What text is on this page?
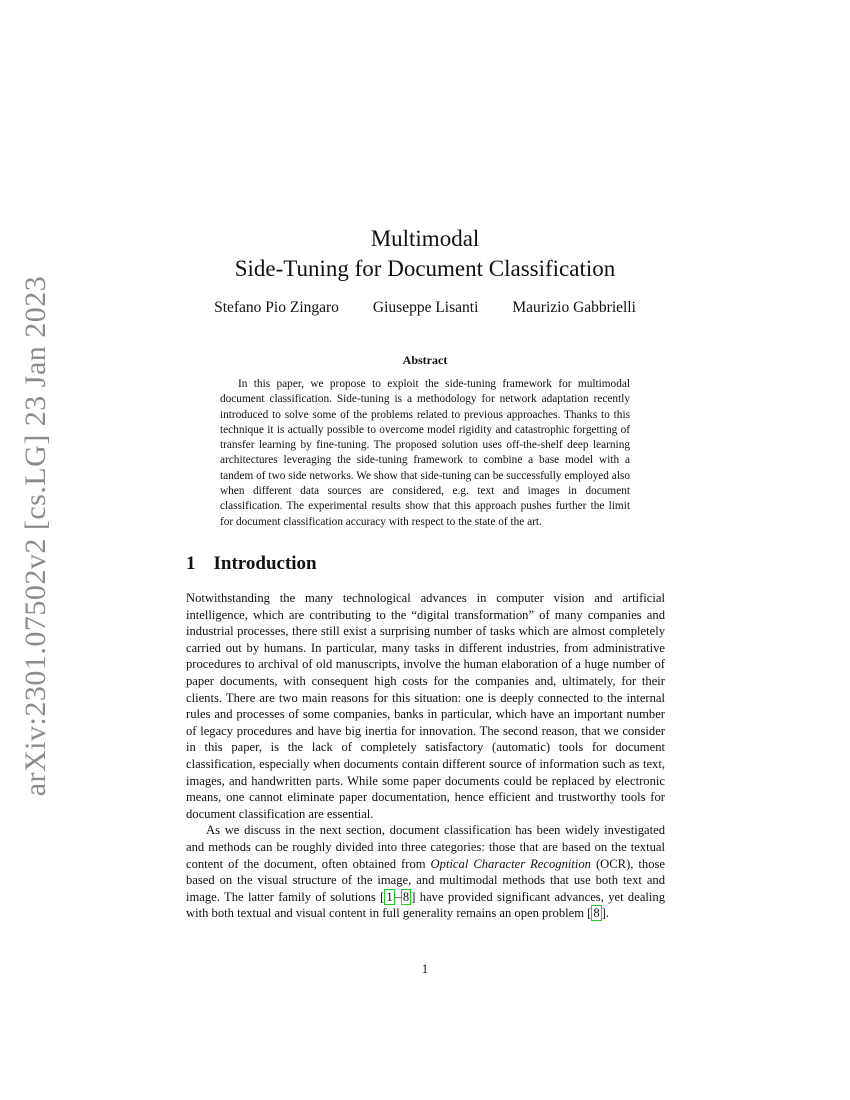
arXiv:2301.07502v2 [cs.LG] 23 Jan 2023
Multimodal
Side-Tuning for Document Classification
Stefano Pio Zingaro Giuseppe Lisanti Maurizio Gabbrielli
Abstract

In this paper, we propose to exploit the side-tuning framework for multimodal document classification. Side-tuning is a methodology for network adaptation recently introduced to solve some of the problems related to previous approaches. Thanks to this technique it is actually possible to overcome model rigidity and catastrophic forgetting of transfer learning by fine-tuning. The proposed solution uses off-the-shelf deep learning architectures leveraging the side-tuning framework to combine a base model with a tandem of two side networks. We show that side-tuning can be successfully employed also when different data sources are considered, e.g. text and images in document classification. The experimental results show that this approach pushes further the limit for document classification accuracy with respect to the state of the art.

1 Introduction

Notwithstanding the many technological advances in computer vision and artificial intelligence, which are contributing to the “digital transformation” of many companies and industrial processes, there still exist a surprising number of tasks which are almost completely carried out by humans. In particular, many tasks in different industries, from administrative procedures to archival of old manuscripts, involve the human elaboration of a huge number of paper documents, with consequent high costs for the companies and, ultimately, for their clients. There are two main reasons for this situation: one is deeply connected to the internal rules and processes of some companies, banks in particular, which have an important number of legacy procedures and have big inertia for innovation. The second reason, that we consider in this paper, is the lack of completely satisfactory (automatic) tools for document classification, especially when documents contain different source of information such as text, images, and handwritten parts. While some paper documents could be replaced by electronic means, one cannot eliminate paper documentation, hence efficient and trustworthy tools for document classification are essential.

As we discuss in the next section, document classification has been widely investigated and methods can be roughly divided into three categories: those that are based on the textual content of the document, often obtained from Optical Character Recognition (OCR), those based on the visual structure of the image, and multimodal methods that use both text and image. The latter family of solutions [ 1 – 8 ] have provided significant advances, yet dealing with both textual and visual content in full generality remains an open problem [ 8 ].

1
